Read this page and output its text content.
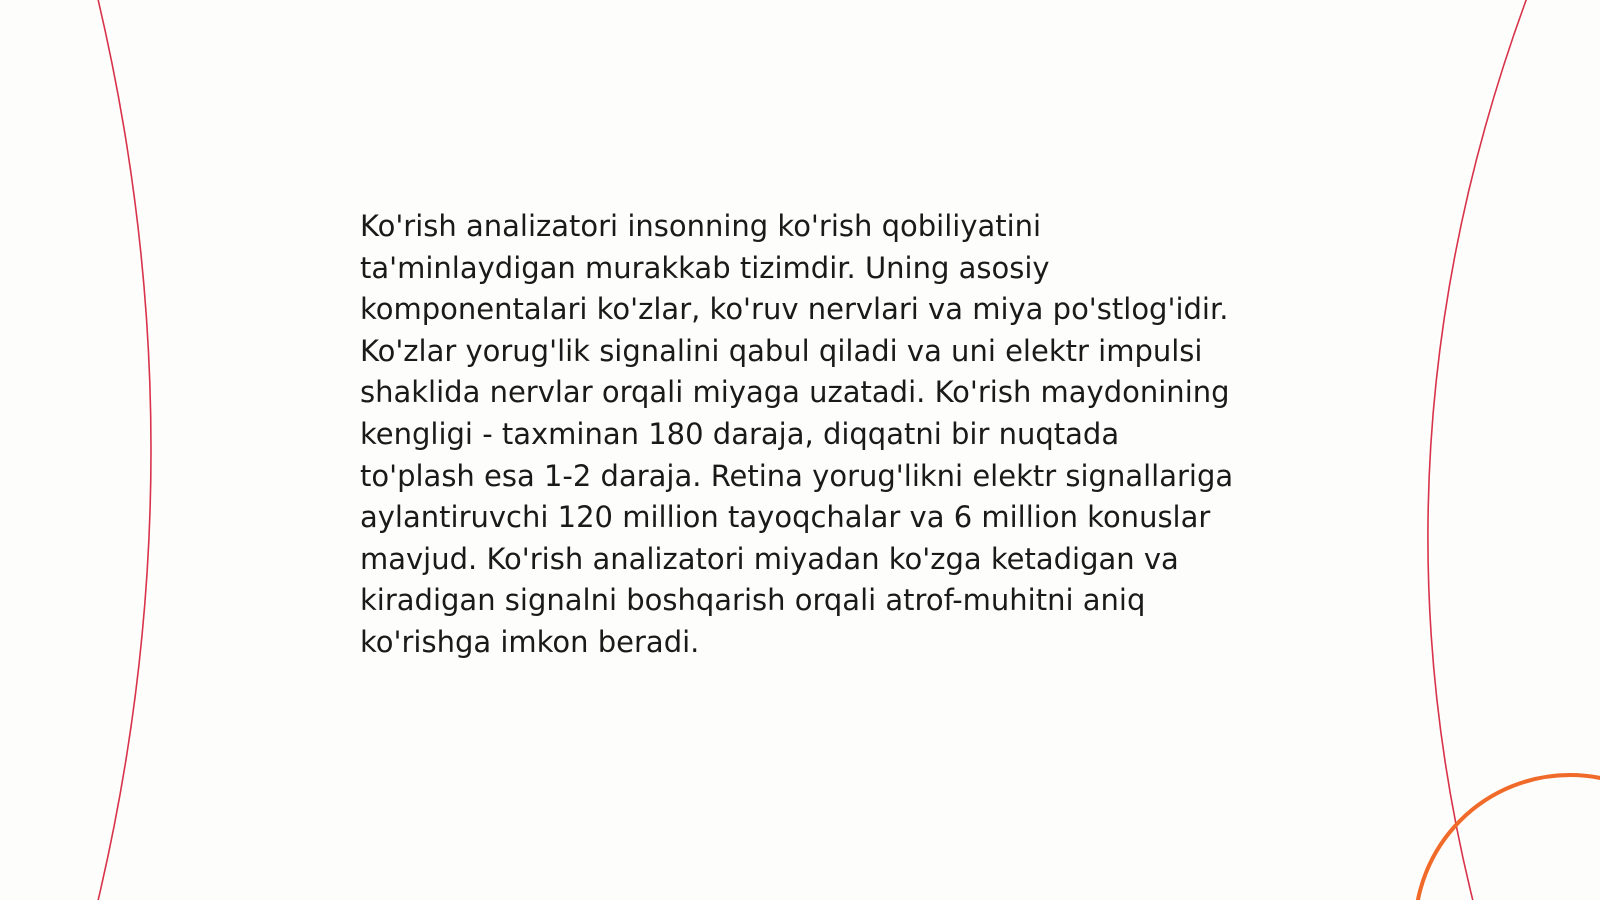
Ko'rish analizatori insonning ko'rish qobiliyatini ta'minlaydigan murakkab tizimdir. Uning asosiy komponentalari ko'zlar, ko'ruv nervlari va miya po'stlog'idir. Ko'zlar yorug'lik signalini qabul qiladi va uni elektr impulsi shaklida nervlar orqali miyaga uzatadi. Ko'rish maydonining kengligi - taxminan 180 daraja, diqqatni bir nuqtada to'plash esa 1-2 daraja. Retina yorug'likni elektr signallariga aylantiruvchi 120 million tayoqchalar va 6 million konuslar mavjud. Ko'rish analizatori miyadan ko'zga ketadigan va kiradigan signalni boshqarish orqali atrof-muhitni aniq ko'rishga imkon beradi.
